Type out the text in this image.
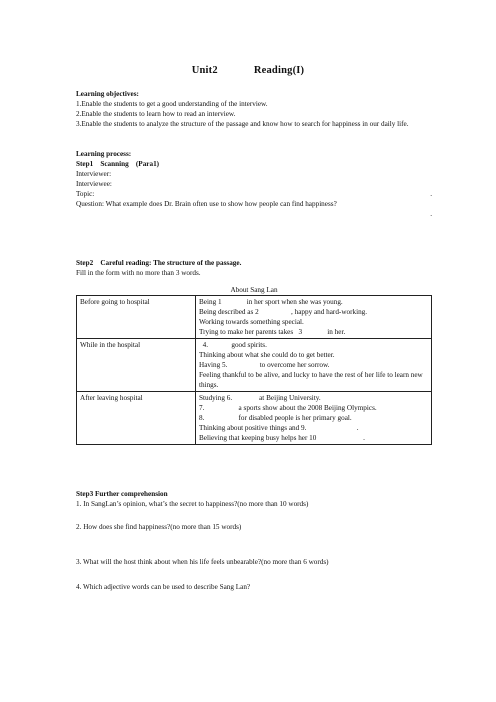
Unit2	Reading(I)
Learning objectives:
1.Enable the students to get a good understanding of the interview.
2.Enable the students to learn how to read an interview.
3.Enable the students to analyze the structure of the passage and know how to search for happiness in our daily life.
Learning process:
Step1    Scanning    (Para1)
Interviewer:
Interviewee:
Topic:	.
Question: What example does Dr. Brain often use to show how people can find happiness?
.
Step2    Careful reading: The structure of the passage.
Fill in the form with no more than 3 words.
About Sang Lan
Before going to hospital	Being 1              in her sport when she was young.
Being described as 2                  , happy and hard-working.
Working towards something special.
Trying to make her parents takes   3              in her.

While in the hospital	4.             good spirits.
Thinking about what she could do to get better.
Having 5.                  to overcome her sorrow.
Feeling thankful to be alive, and lucky to have the rest of her life to learn new things.

After leaving hospital	Studying 6.               at Beijing University.
7.                   a sports show about the 2008 Beijing Olympics.
8.                   for disabled people is her primary goal.
Thinking about positive things and 9.                            .
Believing that keeping busy helps her 10                          .
Step3 Further comprehension
1. In SangLan’s opinion, what’s the secret to happiness?(no more than 10 words)
2. How does she find happiness?(no more than 15 words)
3. What will the host think about when his life feels unbearable?(no more than 6 words)
4. Which adjective words can be used to describe Sang Lan?
